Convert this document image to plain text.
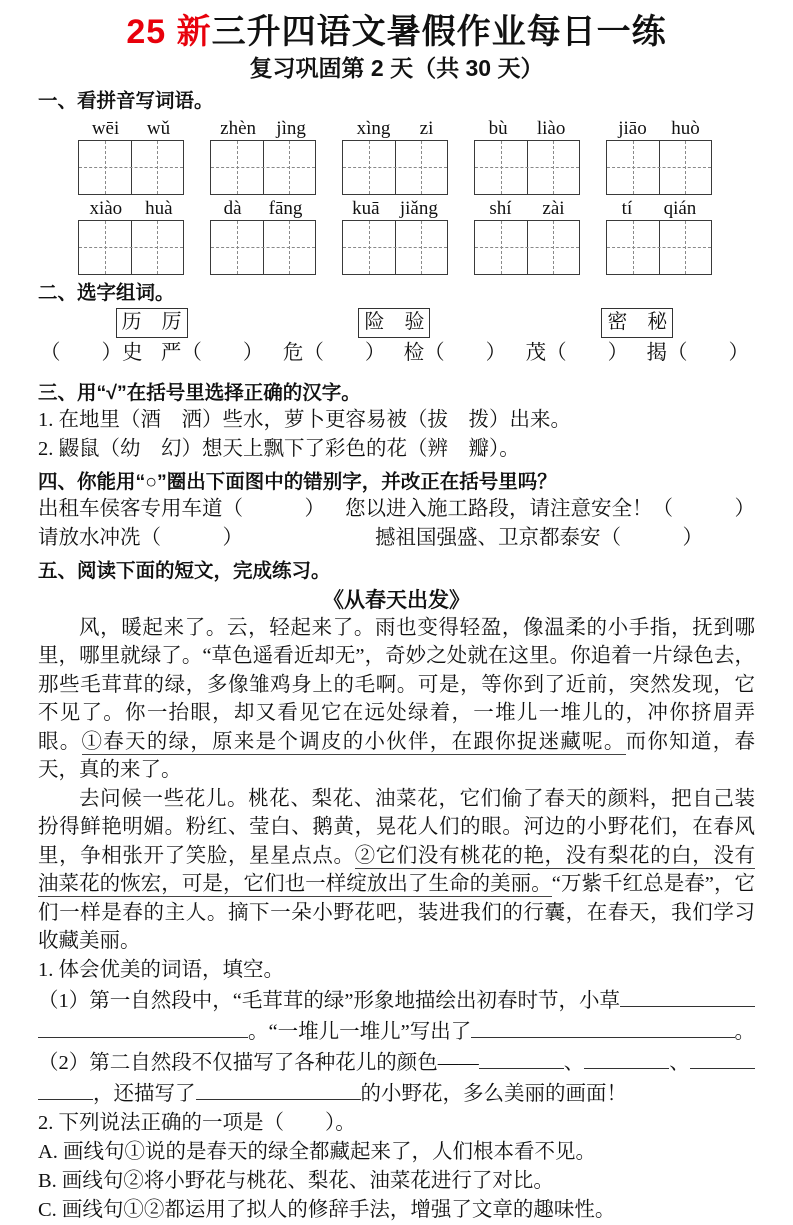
25 新三升四语文暑假作业每日一练
复习巩固第 2 天（共 30 天）
一、看拼音写词语。
wēi wǔ	zhèn jìng	xìng zi	bù liào	jiāo huò
xiào huà	dà fāng	kuā jiǎng	shí zài	tí qián
二、选字组词。
历　厉
（　　）史 严（　　）
险　验
危（　　） 检（　　）
密　秘
茂（　　） 揭（　　）
三、用“√”在括号里选择正确的汉字。
1. 在地里（酒　洒）些水，萝卜更容易被（拔　拨）出来。
2. 鼹鼠（幼　幻）想天上飘下了彩色的花（辨　瓣）。
四、你能用“○”圈出下面图中的错别字，并改正在括号里吗？
出租车侯客专用车道（　　　） 您以进入施工路段，请注意安全！（　　　）
请放水冲冼（　　　）	撼祖国强盛、卫京都泰安（　　　）
五、阅读下面的短文，完成练习。
《从春天出发》

风，暖起来了。云，轻起来了。雨也变得轻盈，像温柔的小手指，抚到哪里，哪里就绿了。“草色遥看近却无”，奇妙之处就在这里。你追着一片绿色去，那些毛茸茸的绿，多像雏鸡身上的毛啊。可是，等你到了近前，突然发现，它不见了。你一抬眼，却又看见它在远处绿着，一堆儿一堆儿的，冲你挤眉弄眼。①春天的绿，原来是个调皮的小伙伴，在跟你捉迷藏呢。而你知道，春天，真的来了。

去问候一些花儿。桃花、梨花、油菜花，它们偷了春天的颜料，把自己装扮得鲜艳明媚。粉红、莹白、鹅黄，晃花人们的眼。河边的小野花们，在春风里，争相张开了笑脸，星星点点。②它们没有桃花的艳，没有梨花的白，没有油菜花的恢宏，可是，它们也一样绽放出了生命的美丽。“万紫千红总是春”，它们一样是春的主人。摘下一朵小野花吧，装进我们的行囊，在春天，我们学习收藏美丽。

1. 体会优美的词语，填空。
（1）第一自然段中，“毛茸茸的绿”形象地描绘出初春时节，小草
。“一堆儿一堆儿”写出了	。
（2）第二自然段不仅描写了各种花儿的颜色——	、	、
，还描写了	的小野花，多么美丽的画面！
2. 下列说法正确的一项是（　　）。
A. 画线句①说的是春天的绿全都藏起来了，人们根本看不见。
B. 画线句②将小野花与桃花、梨花、油菜花进行了对比。
C. 画线句①②都运用了拟人的修辞手法，增强了文章的趣味性。
